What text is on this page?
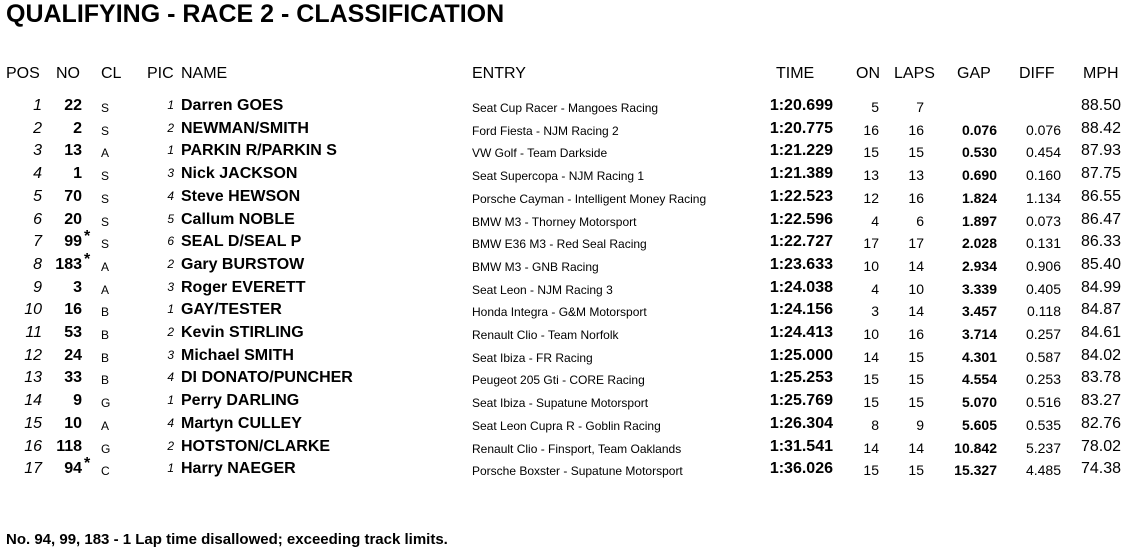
QUALIFYING - RACE 2 - CLASSIFICATION
POS NO CL PIC NAME	ENTRY	TIME	ON LAPS GAP DIFF MPH
1 22 S	1 Darren GOES	Seat Cup Racer - Mangoes Racing	1:20.699	5	7	88.50
2 2 S	2 NEWMAN/SMITH	Ford Fiesta - NJM Racing 2	1:20.775 16 16	0.076 0.076 88.42
3 13 A	1 PARKIN R/PARKIN S	VW Golf - Team Darkside	1:21.229 15 15	0.530 0.454 87.93
4 1 S	3 Nick JACKSON	Seat Supercopa - NJM Racing 1	1:21.389 13 13	0.690 0.160 87.75
5 70 S	4 Steve HEWSON	Porsche Cayman - Intelligent Money Racing	1:22.523 12 16	1.824 1.134 86.55
6 20 S	5 Callum NOBLE	BMW M3 - Thorney Motorsport	1:22.596	4	6	1.897 0.073 86.47
7 99 * S	6 SEAL D/SEAL P	BMW E36 M3 - Red Seal Racing	1:22.727 17 17	2.028 0.131 86.33
8 183 * A	2 Gary BURSTOW	BMW M3 - GNB Racing	1:23.633 10 14	2.934 0.906 85.40
9 3 A	3 Roger EVERETT	Seat Leon - NJM Racing 3	1:24.038	4 10	3.339 0.405 84.99
10 16 B	1 GAY/TESTER	Honda Integra - G&M Motorsport	1:24.156	3 14	3.457 0.118 84.87
11 53 B	2 Kevin STIRLING	Renault Clio - Team Norfolk	1:24.413 10 16	3.714 0.257 84.61
12 24 B	3 Michael SMITH	Seat Ibiza - FR Racing	1:25.000 14 15	4.301 0.587 84.02
13 33 B	4 DI DONATO/PUNCHER	Peugeot 205 Gti - CORE Racing	1:25.253 15 15	4.554 0.253 83.78
14 9 G	1 Perry DARLING	Seat Ibiza - Supatune Motorsport	1:25.769 15 15	5.070 0.516 83.27
15 10 A	4 Martyn CULLEY	Seat Leon Cupra R - Goblin Racing	1:26.304	8	9	5.605 0.535 82.76
16 118 G	2 HOTSTON/CLARKE	Renault Clio - Finsport, Team Oaklands	1:31.541 14 14 10.842 5.237 78.02
17 94 * C	1 Harry NAEGER	Porsche Boxster - Supatune Motorsport	1:36.026 15 15 15.327 4.485 74.38
No. 94, 99, 183 - 1 Lap time disallowed; exceeding track limits.
